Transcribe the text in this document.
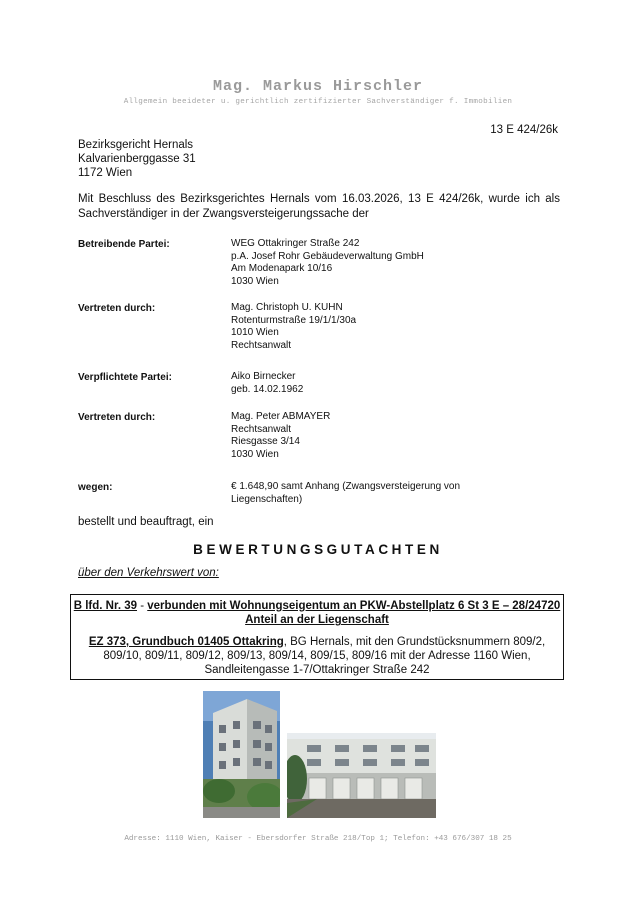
Mag. Markus Hirschler
Allgemein beeideter u. gerichtlich zertifizierter Sachverständiger f. Immobilien
13 E 424/26k
Bezirksgericht Hernals
Kalvarienberggasse 31
1172 Wien
Mit Beschluss des Bezirksgerichtes Hernals vom 16.03.2026, 13 E 424/26k, wurde ich als Sachverständiger in der Zwangsversteigerungssache der
Betreibende Partei:	WEG Ottakringer Straße 242
p.A. Josef Rohr Gebäudeverwaltung GmbH
Am Modenapark 10/16
1030 Wien
Vertreten durch:	Mag. Christoph U. KUHN
Rotenturmstraße 19/1/1/30a
1010 Wien
Rechtsanwalt
Verpflichtete Partei:	Aiko Birnecker
geb. 14.02.1962
Vertreten durch:	Mag. Peter ABMAYER
Rechtsanwalt
Riesgasse 3/14
1030 Wien
wegen:	€ 1.648,90 samt Anhang (Zwangsversteigerung von
Liegenschaften)
bestellt und beauftragt, ein
BEWERTUNGSGUTACHTEN
über den Verkehrswert von:
B lfd. Nr. 39 - verbunden mit Wohnungseigentum an PKW-Abstellplatz 6 St 3 E – 28/24720 Anteil an der Liegenschaft
EZ 373, Grundbuch 01405 Ottakring, BG Hernals, mit den Grundstücksnummern 809/2, 809/10, 809/11, 809/12, 809/13, 809/14, 809/15, 809/16 mit der Adresse 1160 Wien, Sandleitengasse 1-7/Ottakringer Straße 242
Adresse: 1110 Wien, Kaiser - Ebersdorfer Straße 218/Top 1; Telefon: +43 676/307 18 25
